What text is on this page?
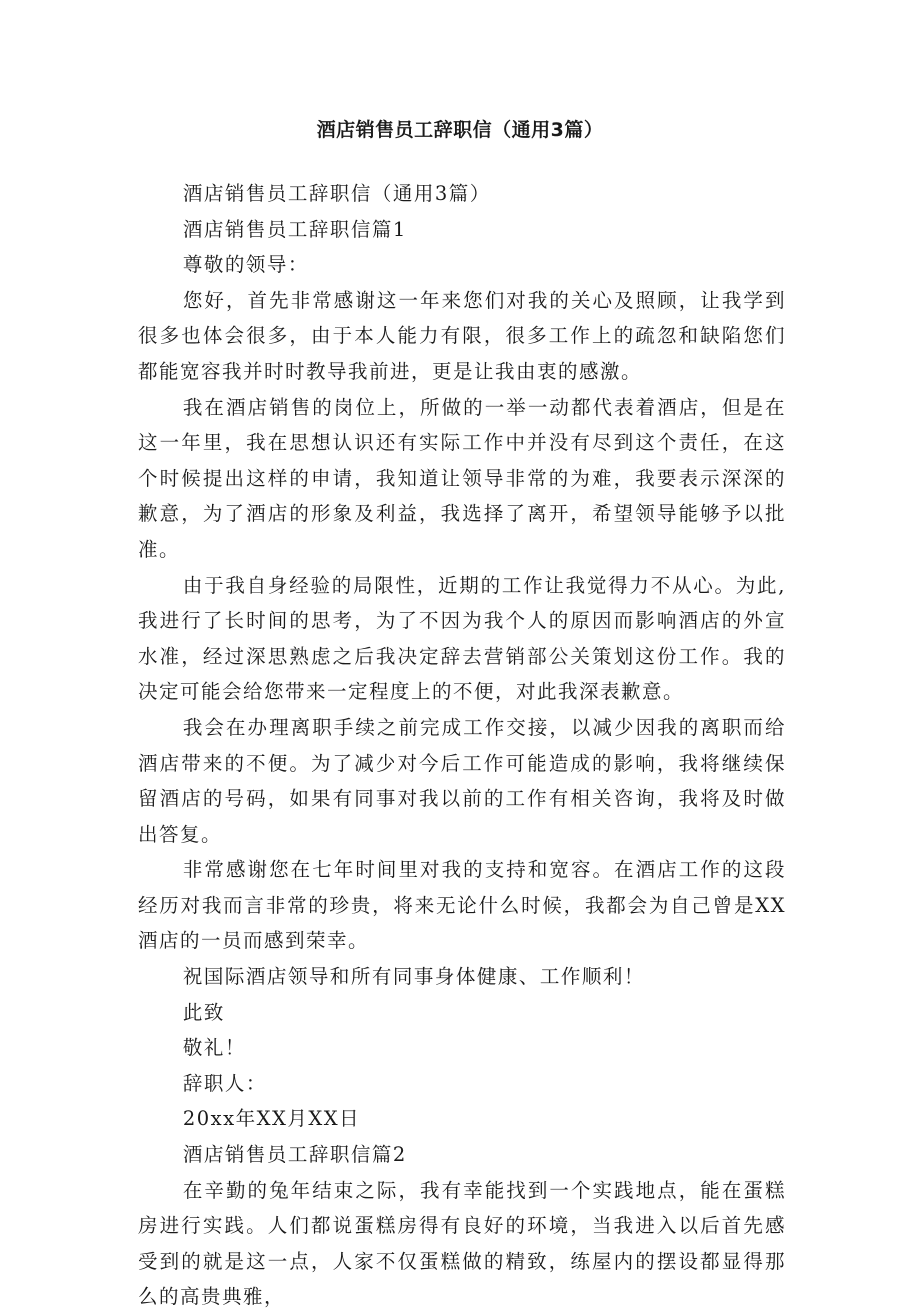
酒店销售员工辞职信（通用3篇）

酒店销售员工辞职信（通用3篇）

酒店销售员工辞职信篇1

尊敬的领导：

您好，首先非常感谢这一年来您们对我的关心及照顾，让我学到很多也体会很多，由于本人能力有限，很多工作上的疏忽和缺陷您们都能宽容我并时时教导我前进，更是让我由衷的感激。

我在酒店销售的岗位上，所做的一举一动都代表着酒店，但是在这一年里，我在思想认识还有实际工作中并没有尽到这个责任，在这个时候提出这样的申请，我知道让领导非常的为难，我要表示深深的歉意，为了酒店的形象及利益，我选择了离开，希望领导能够予以批准。

由于我自身经验的局限性，近期的工作让我觉得力不从心。为此,我进行了长时间的思考，为了不因为我个人的原因而影响酒店的外宣水准，经过深思熟虑之后我决定辞去营销部公关策划这份工作。我的决定可能会给您带来一定程度上的不便，对此我深表歉意。

我会在办理离职手续之前完成工作交接，以减少因我的离职而给酒店带来的不便。为了减少对今后工作可能造成的影响，我将继续保留酒店的号码，如果有同事对我以前的工作有相关咨询，我将及时做出答复。

非常感谢您在七年时间里对我的支持和宽容。在酒店工作的这段经历对我而言非常的珍贵，将来无论什么时候，我都会为自己曾是XX酒店的一员而感到荣幸。

祝国际酒店领导和所有同事身体健康、工作顺利！

此致

敬礼！

辞职人：

20xx年XX月XX日

酒店销售员工辞职信篇2

在辛勤的兔年结束之际，我有幸能找到一个实践地点，能在蛋糕房进行实践。人们都说蛋糕房得有良好的环境，当我进入以后首先感受到的就是这一点，人家不仅蛋糕做的精致，练屋内的摆设都显得那么的高贵典雅，
